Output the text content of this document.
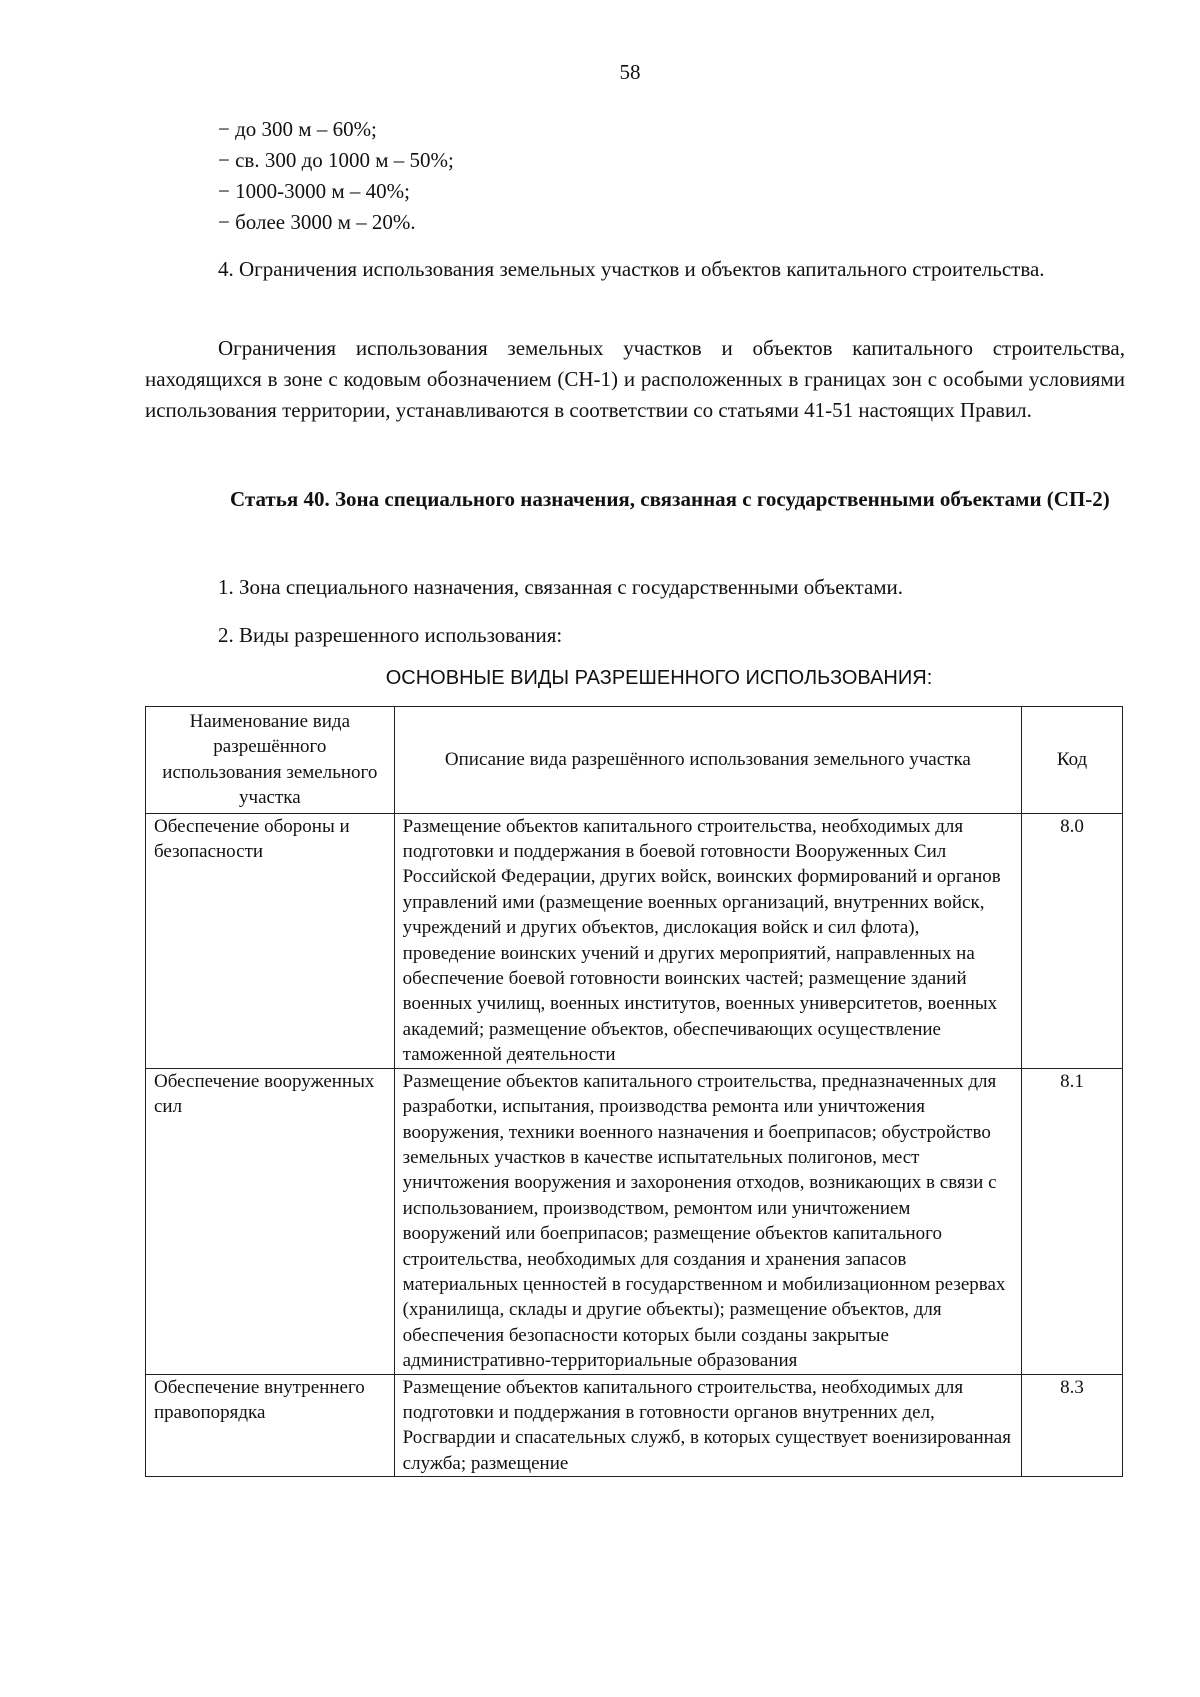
58
− до 300 м – 60%;
− св. 300 до 1000 м – 50%;
− 1000-3000 м – 40%;
− более 3000 м – 20%.
4. Ограничения использования земельных участков и объектов капитального строительства.
Ограничения использования земельных участков и объектов капитального строительства, находящихся в зоне с кодовым обозначением (СН-1) и расположенных в границах зон с особыми условиями использования территории, устанавливаются в соответствии со статьями 41-51 настоящих Правил.
Статья 40. Зона специального назначения, связанная с государственными объектами (СП-2)
1. Зона специального назначения, связанная с государственными объектами.
2. Виды разрешенного использования:
ОСНОВНЫЕ ВИДЫ РАЗРЕШЕННОГО ИСПОЛЬЗОВАНИЯ:
Наименование вида разрешённого использования земельного участка	Описание вида разрешённого использования земельного участка	Код
Обеспечение обороны и безопасности	Размещение объектов капитального строительства, необходимых для подготовки и поддержания в боевой готовности Вооруженных Сил Российской Федерации, других войск, воинских формирований и органов управлений ими (размещение военных организаций, внутренних войск, учреждений и других объектов, дислокация войск и сил флота), проведение воинских учений и других мероприятий, направленных на обеспечение боевой готовности воинских частей; размещение зданий военных училищ, военных институтов, военных университетов, военных академий; размещение объектов, обеспечивающих осуществление таможенной деятельности	8.0
Обеспечение вооруженных сил	Размещение объектов капитального строительства, предназначенных для разработки, испытания, производства ремонта или уничтожения вооружения, техники военного назначения и боеприпасов; обустройство земельных участков в качестве испытательных полигонов, мест уничтожения вооружения и захоронения отходов, возникающих в связи с использованием, производством, ремонтом или уничтожением вооружений или боеприпасов; размещение объектов капитального строительства, необходимых для создания и хранения запасов материальных ценностей в государственном и мобилизационном резервах (хранилища, склады и другие объекты); размещение объектов, для обеспечения безопасности которых были созданы закрытые административно-территориальные образования	8.1
Обеспечение внутреннего правопорядка	Размещение объектов капитального строительства, необходимых для подготовки и поддержания в готовности органов внутренних дел, Росгвардии и спасательных служб, в которых существует военизированная служба; размещение	8.3
